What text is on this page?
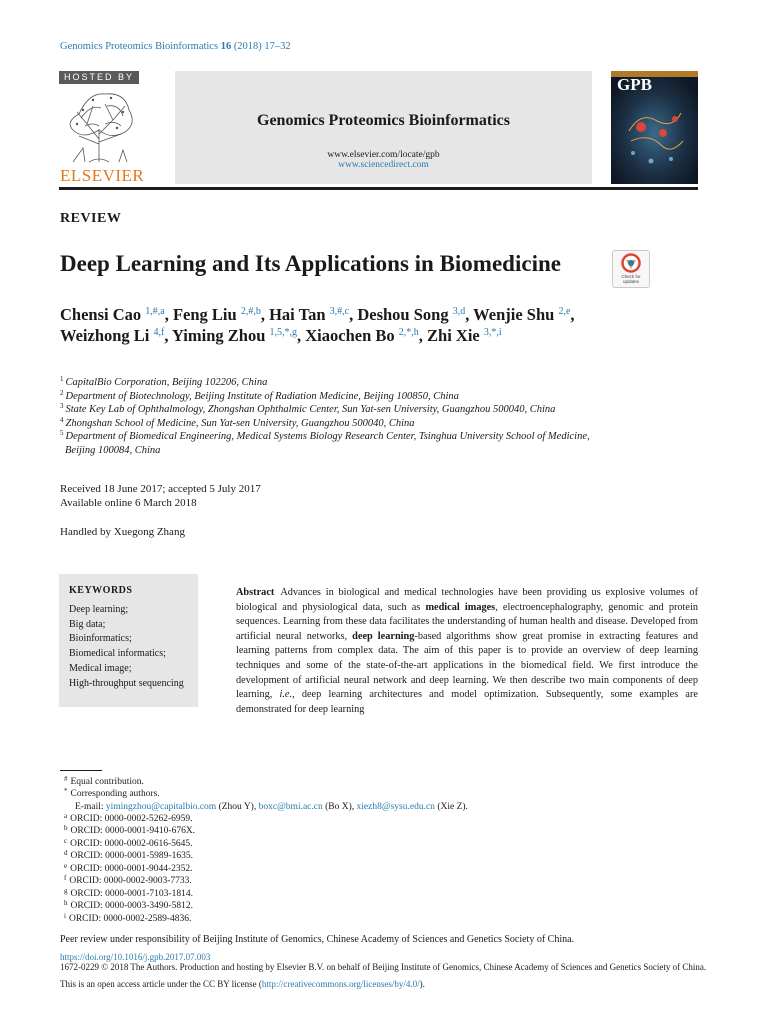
Genomics Proteomics Bioinformatics 16 (2018) 17–32
HOSTED BY
ELSEVIER
Genomics Proteomics Bioinformatics
www.elsevier.com/locate/gpb
www.sciencedirect.com
GPB
REVIEW
Deep Learning and Its Applications in Biomedicine
Check for
updates
Chensi Cao $^{1,\#,a}$, Feng Liu $^{2,\#,b}$, Hai Tan $^{3,\#,c}$, Deshou Song $^{3,d}$, Wenjie Shu $^{2,e}$,
Weizhong Li $^{4,f}$, Yiming Zhou $^{1,5,*,g}$, Xiaochen Bo $^{2,*,h}$, Zhi Xie $^{3,*,i}$
$^1$ CapitalBio Corporation, Beijing 102206, China
$^2$ Department of Biotechnology, Beijing Institute of Radiation Medicine, Beijing 100850, China
$^3$ State Key Lab of Ophthalmology, Zhongshan Ophthalmic Center, Sun Yat-sen University, Guangzhou 500040, China
$^4$ Zhongshan School of Medicine, Sun Yat-sen University, Guangzhou 500040, China
$^5$ Department of Biomedical Engineering, Medical Systems Biology Research Center, Tsinghua University School of Medicine,
Beijing 100084, China
Received 18 June 2017; accepted 5 July 2017
Available online 6 March 2018
Handled by Xuegong Zhang
KEYWORDS
Deep learning;
Big data;
Bioinformatics;
Biomedical informatics;
Medical image;
High-throughput sequencing
Abstract Advances in biological and medical technologies have been providing us explosive volumes of biological and physiological data, such as medical images, electroencephalography, genomic and protein sequences. Learning from these data facilitates the understanding of human health and disease. Developed from artificial neural networks, deep learning-based algorithms show great promise in extracting features and learning patterns from complex data. The aim of this paper is to provide an overview of deep learning techniques and some of the state-of-the-art applications in the biomedical field. We first introduce the development of artificial neural network and deep learning. We then describe two main components of deep learning, i.e., deep learning architectures and model optimization. Subsequently, some examples are demonstrated for deep learning
# Equal contribution.
* Corresponding authors.
E-mail: yimingzhou@capitalbio.com (Zhou Y), boxc@bmi.ac.cn (Bo X), xiezh8@sysu.edu.cn (Xie Z).
$^a$ ORCID: 0000-0002-5262-6959.
$^b$ ORCID: 0000-0001-9410-676X.
$^c$ ORCID: 0000-0002-0616-5645.
$^d$ ORCID: 0000-0001-5989-1635.
$^e$ ORCID: 0000-0001-9044-2352.
$^f$ ORCID: 0000-0002-9003-7733.
$^g$ ORCID: 0000-0001-7103-1814.
$^h$ ORCID: 0000-0003-3490-5812.
$^i$ ORCID: 0000-0002-2589-4836.
Peer review under responsibility of Beijing Institute of Genomics, Chinese Academy of Sciences and Genetics Society of China.
https://doi.org/10.1016/j.gpb.2017.07.003
1672-0229 © 2018 The Authors. Production and hosting by Elsevier B.V. on behalf of Beijing Institute of Genomics, Chinese Academy of Sciences and Genetics Society of China.
This is an open access article under the CC BY license (http://creativecommons.org/licenses/by/4.0/).
